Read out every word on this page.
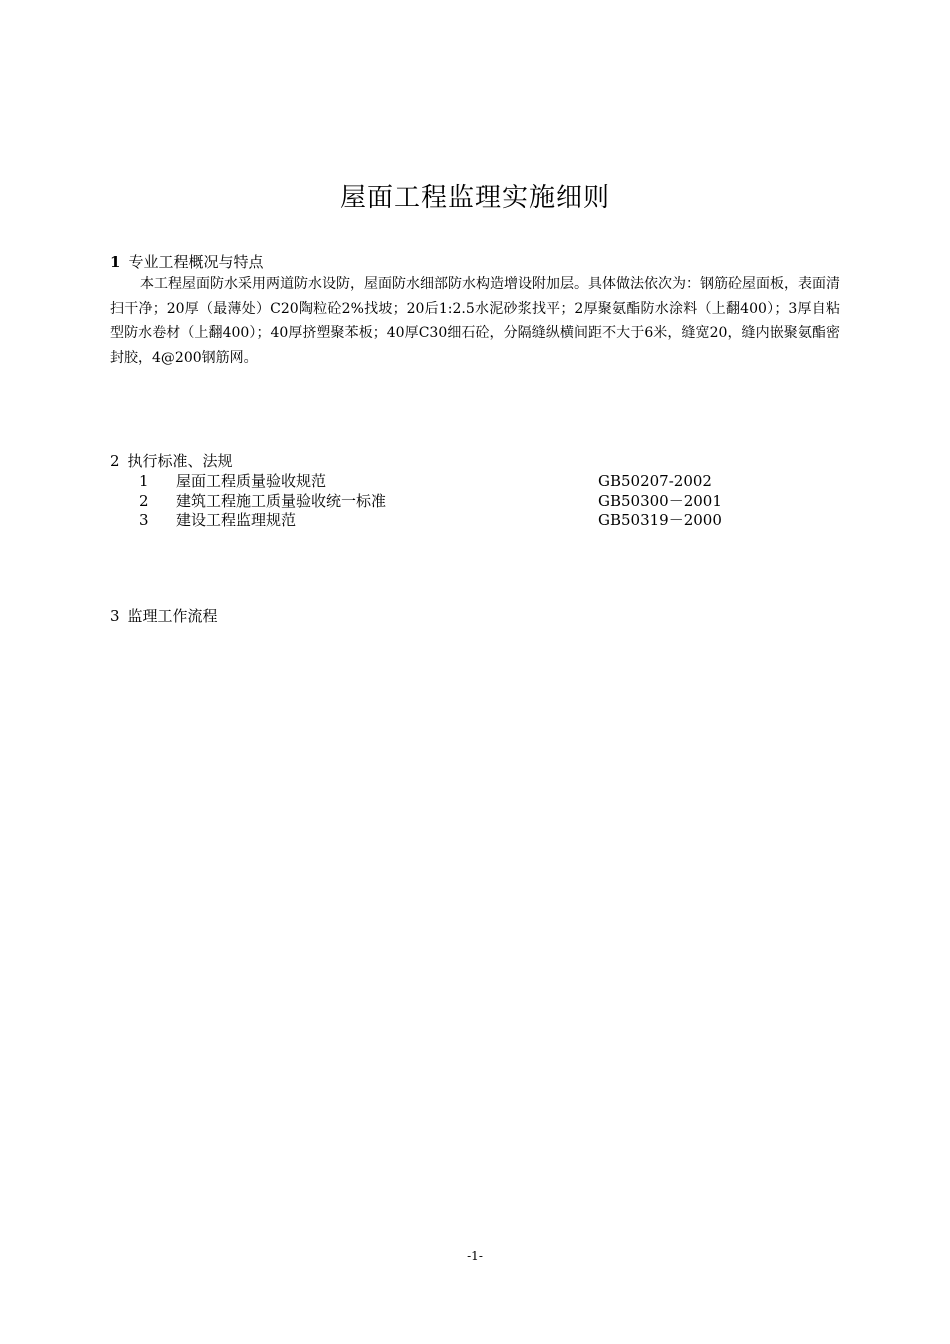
屋面工程监理实施细则
1 专业工程概况与特点
本工程屋面防水采用两道防水设防，屋面防水细部防水构造增设附加层。具体做法依次为：钢筋砼屋面板，表面清扫干净；20厚（最薄处）C20陶粒砼2%找坡；20后1:2.5水泥砂浆找平；2厚聚氨酯防水涂料（上翻400）；3厚自粘型防水卷材（上翻400）；40厚挤塑聚苯板；40厚C30细石砼，分隔缝纵横间距不大于6米，缝宽20，缝内嵌聚氨酯密封胶，4@200钢筋网。
2 执行标准、法规
1 屋面工程质量验收规范	GB50207-2002
2 建筑工程施工质量验收统一标准	GB50300－2001
3 建设工程监理规范	GB50319－2000
3 监理工作流程
-1-
